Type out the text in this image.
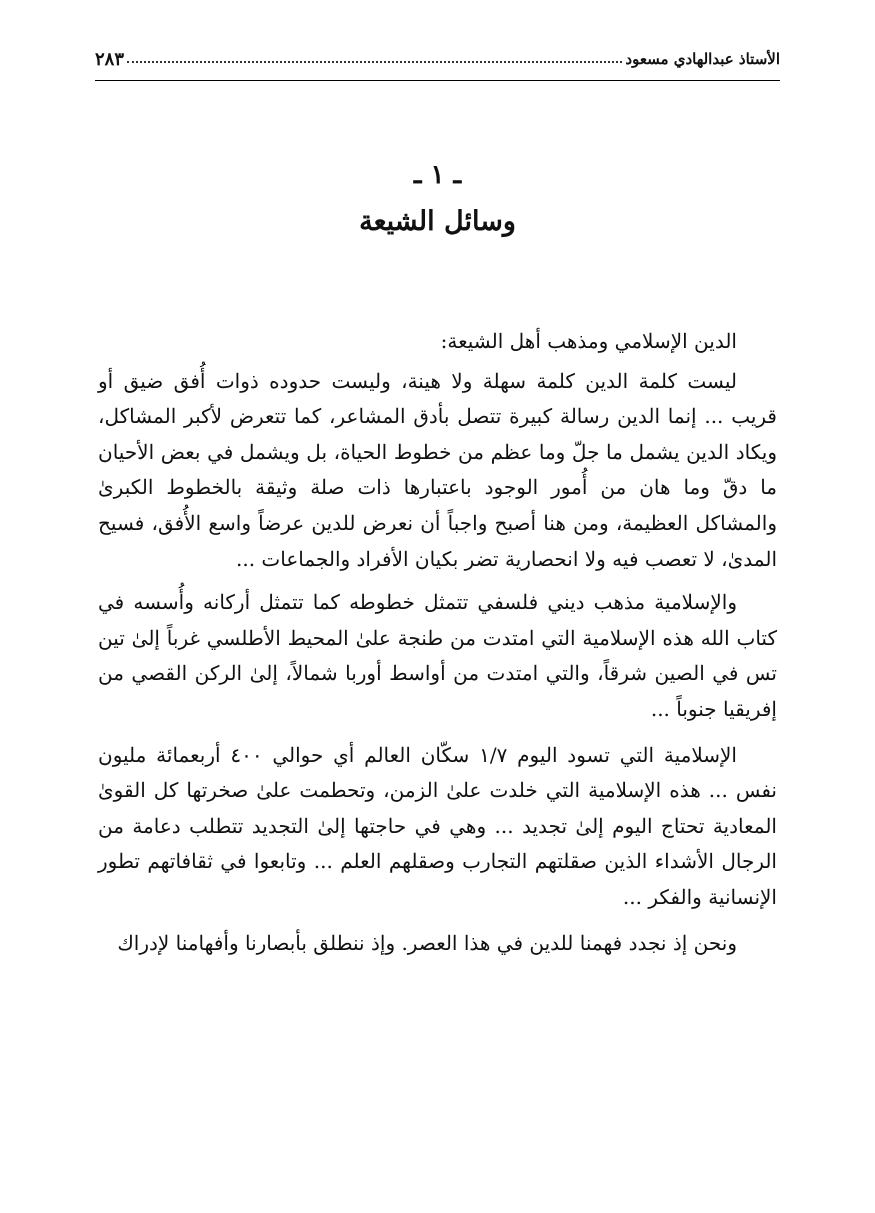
الأستاذ عبدالهادي مسعود
٢٨٣
ـ ١ ـ
وسائل الشيعة
الدين الإسلامي ومذهب أهل الشيعة:

ليست كلمة الدين كلمة سهلة ولا هينة، وليست حدوده ذوات أُفق ضيق أو قريب ... إنما الدين رسالة كبيرة تتصل بأدق المشاعر، كما تتعرض لأكبر المشاكل، ويكاد الدين يشمل ما جلّ وما عظم من خطوط الحياة، بل ويشمل في بعض الأحيان ما دقّ وما هان من أُمور الوجود باعتبارها ذات صلة وثيقة بالخطوط الكبرىٰ والمشاكل العظيمة، ومن هنا أصبح واجباً أن نعرض للدين عرضاً واسع الأُفق، فسيح المدىٰ، لا تعصب فيه ولا انحصارية تضر بكيان الأفراد والجماعات ...

والإسلامية مذهب ديني فلسفي تتمثل خطوطه كما تتمثل أركانه وأُسسه في كتاب الله هذه الإسلامية التي امتدت من طنجة علىٰ المحيط الأطلسي غرباً إلىٰ تين تس في الصين شرقاً، والتي امتدت من أواسط أوربا شمالاً، إلىٰ الركن القصي من إفريقيا جنوباً ...

الإسلامية التي تسود اليوم ١/٧ سكّان العالم أي حوالي ٤٠٠ أربعمائة مليون نفس ... هذه الإسلامية التي خلدت علىٰ الزمن، وتحطمت علىٰ صخرتها كل القوىٰ المعادية تحتاج اليوم إلىٰ تجديد ... وهي في حاجتها إلىٰ التجديد تتطلب دعامة من الرجال الأشداء الذين صقلتهم التجارب وصقلهم العلم ... وتابعوا في ثقافاتهم تطور الإنسانية والفكر ...

ونحن إذ نجدد فهمنا للدين في هذا العصر. وإذ ننطلق بأبصارنا وأفهامنا لإدراك
